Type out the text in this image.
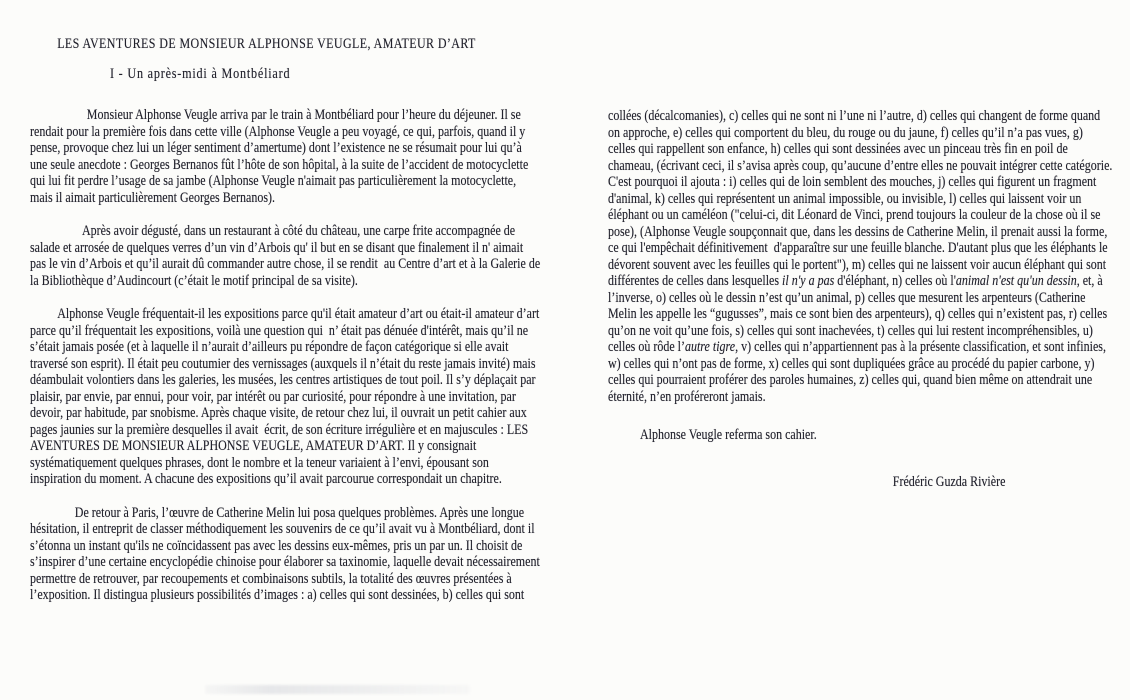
LES AVENTURES DE MONSIEUR ALPHONSE VEUGLE, AMATEUR D’ART
I - Un après-midi à Montbéliard

Monsieur Alphonse Veugle arriva par le train à Montbéliard pour l’heure du déjeuner. Il se rendait pour la première fois dans cette ville (Alphonse Veugle a peu voyagé, ce qui, parfois, quand il y pense, provoque chez lui un léger sentiment d’amertume) dont l’existence ne se résumait pour lui qu’à une seule anecdote : Georges Bernanos fût l’hôte de son hôpital, à la suite de l’accident de motocyclette qui lui fit perdre l’usage de sa jambe (Alphonse Veugle n'aimait pas particulièrement la motocyclette, mais il aimait particulièrement Georges Bernanos).

Après avoir dégusté, dans un restaurant à côté du château, une carpe frite accompagnée de salade et arrosée de quelques verres d’un vin d’Arbois qu' il but en se disant que finalement il n' aimait pas le vin d’Arbois et qu’il aurait dû commander autre chose, il se rendit  au Centre d’art et à la Galerie de la Bibliothèque d’Audincourt (c’était le motif principal de sa visite).

Alphonse Veugle fréquentait-il les expositions parce qu'il était amateur d’art ou était-il amateur d’art parce qu’il fréquentait les expositions, voilà une question qui  n’ était pas dénuée d'intérêt, mais qu’il ne s’était jamais posée (et à laquelle il n’aurait d’ailleurs pu répondre de façon catégorique si elle avait traversé son esprit). Il était peu coutumier des vernissages (auxquels il n’était du reste jamais invité) mais déambulait volontiers dans les galeries, les musées, les centres artistiques de tout poil. Il s’y déplaçait par plaisir, par envie, par ennui, pour voir, par intérêt ou par curiosité, pour répondre à une invitation, par devoir, par habitude, par snobisme. Après chaque visite, de retour chez lui, il ouvrait un petit cahier aux pages jaunies sur la première desquelles il avait  écrit, de son écriture irrégulière et en majuscules : LES AVENTURES DE MONSIEUR ALPHONSE VEUGLE, AMATEUR D’ART. Il y consignait systématiquement quelques phrases, dont le nombre et la teneur variaient à l’envi, épousant son inspiration du moment. A chacune des expositions qu’il avait parcourue correspondait un chapitre.

De retour à Paris, l’œuvre de Catherine Melin lui posa quelques problèmes. Après une longue hésitation, il entreprit de classer méthodiquement les souvenirs de ce qu’il avait vu à Montbéliard, dont il s’étonna un instant qu'ils ne coïncidassent pas avec les dessins eux-mêmes, pris un par un. Il choisit de s’inspirer d’une certaine encyclopédie chinoise pour élaborer sa taxinomie, laquelle devait nécessairement permettre de retrouver, par recoupements et combinaisons subtils, la totalité des œuvres présentées à l’exposition. Il distingua plusieurs possibilités d’images : a) celles qui sont dessinées, b) celles qui sont

collées (décalcomanies), c) celles qui ne sont ni l’une ni l’autre, d) celles qui changent de forme quand on approche, e) celles qui comportent du bleu, du rouge ou du jaune, f) celles qu’il n’a pas vues, g) celles qui rappellent son enfance, h) celles qui sont dessinées avec un pinceau très fin en poil de chameau, (écrivant ceci, il s’avisa après coup, qu’aucune d’entre elles ne pouvait intégrer cette catégorie. C'est pourquoi il ajouta : i) celles qui de loin semblent des mouches, j) celles qui figurent un fragment d'animal, k) celles qui représentent un animal impossible, ou invisible, l) celles qui laissent voir un éléphant ou un caméléon ("celui-ci, dit Léonard de Vinci, prend toujours la couleur de la chose où il se pose), (Alphonse Veugle soupçonnait que, dans les dessins de Catherine Melin, il prenait aussi la forme, ce qui l'empêchait définitivement  d'apparaître sur une feuille blanche. D'autant plus que les éléphants le dévorent souvent avec les feuilles qui le portent"), m) celles qui ne laissent voir aucun éléphant qui sont différentes de celles dans lesquelles il n'y a pas d'éléphant, n) celles où l'animal n'est qu'un dessin, et, à l’inverse, o) celles où le dessin n’est qu’un animal, p) celles que mesurent les arpenteurs (Catherine Melin les appelle les “gugusses”, mais ce sont bien des arpenteurs), q) celles qui n’existent pas, r) celles qu’on ne voit qu’une fois, s) celles qui sont inachevées, t) celles qui lui restent incompréhensibles, u) celles où rôde l’autre tigre, v) celles qui n’appartiennent pas à la présente classification, et sont infinies, w) celles qui n’ont pas de forme, x) celles qui sont dupliquées grâce au procédé du papier carbone, y) celles qui pourraient proférer des paroles humaines, z) celles qui, quand bien même on attendrait une éternité, n’en proféreront jamais.

Alphonse Veugle referma son cahier.

Frédéric Guzda Rivière
